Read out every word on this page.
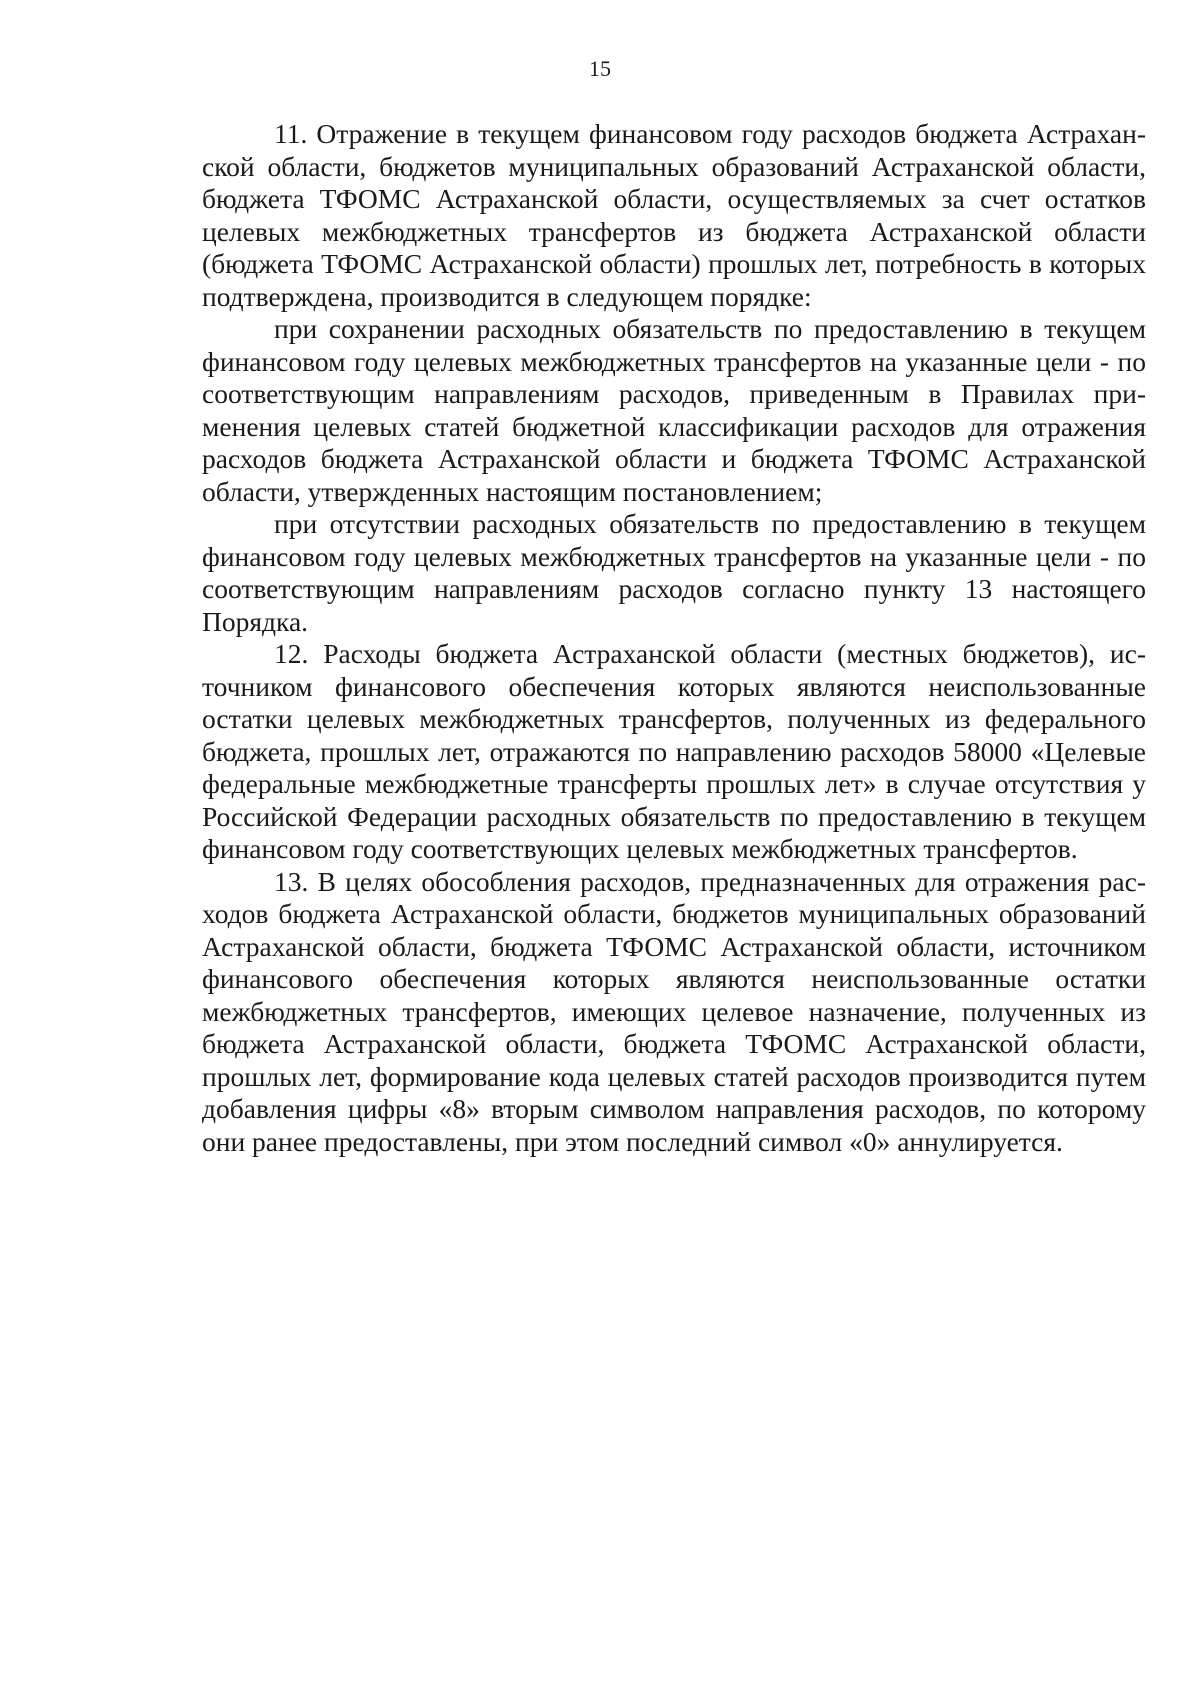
15

11. Отражение в текущем финансовом году расходов бюджета Астраханской области, бюджетов муниципальных образований Астраханской области, бюджета ТФОМС Астраханской области, осуществляемых за счет остатков целевых межбюджетных трансфертов из бюджета Астраханской области (бюджета ТФОМС Астраханской области) прошлых лет, потребность в которых подтверждена, производится в следующем порядке:

при сохранении расходных обязательств по предоставлению в текущем финансовом году целевых межбюджетных трансфертов на указанные цели - по соответствующим направлениям расходов, приведенным в Правилах применения целевых статей бюджетной классификации расходов для отражения расходов бюджета Астраханской области и бюджета ТФОМС Астраханской области, утвержденных настоящим постановлением;

при отсутствии расходных обязательств по предоставлению в текущем финансовом году целевых межбюджетных трансфертов на указанные цели - по соответствующим направлениям расходов согласно пункту 13 настоящего Порядка.

12. Расходы бюджета Астраханской области (местных бюджетов), источником финансового обеспечения которых являются неиспользованные остатки целевых межбюджетных трансфертов, полученных из федерального бюджета, прошлых лет, отражаются по направлению расходов 58000 «Целевые федеральные межбюджетные трансферты прошлых лет» в случае отсутствия у Российской Федерации расходных обязательств по предоставлению в текущем финансовом году соответствующих целевых межбюджетных трансфертов.

13. В целях обособления расходов, предназначенных для отражения расходов бюджета Астраханской области, бюджетов муниципальных образований Астраханской области, бюджета ТФОМС Астраханской области, источником финансового обеспечения которых являются неиспользованные остатки межбюджетных трансфертов, имеющих целевое назначение, полученных из бюджета Астраханской области, бюджета ТФОМС Астраханской области, прошлых лет, формирование кода целевых статей расходов производится путем добавления цифры «8» вторым символом направления расходов, по которому они ранее предоставлены, при этом последний символ «0» аннулируется.
